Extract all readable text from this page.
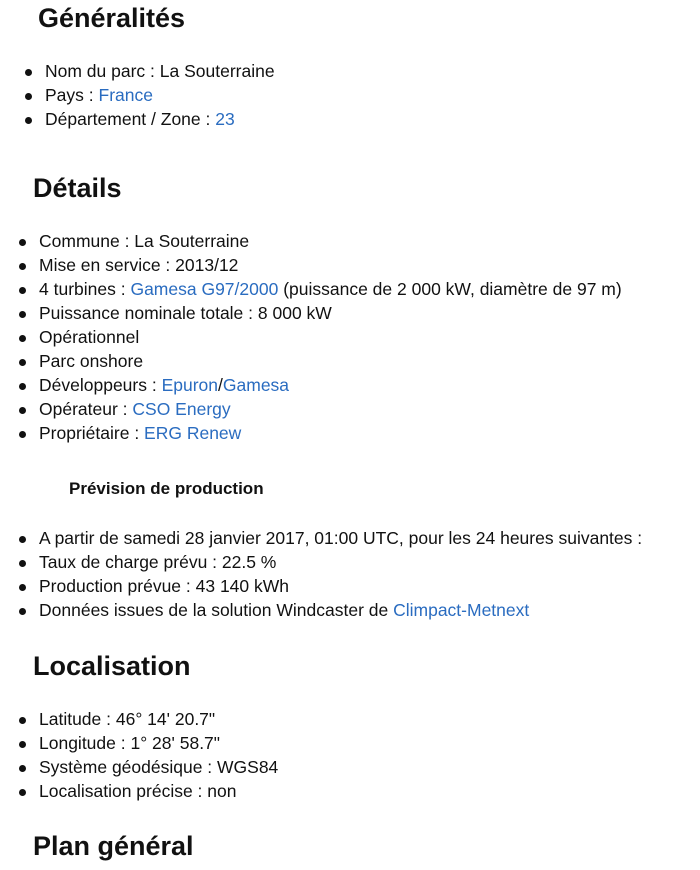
Généralités
Nom du parc : La Souterraine
Pays : France
Département / Zone : 23
Détails
Commune : La Souterraine
Mise en service : 2013/12
4 turbines : Gamesa G97/2000 (puissance de 2 000 kW, diamètre de 97 m)
Puissance nominale totale : 8 000 kW
Opérationnel
Parc onshore
Développeurs : Epuron/Gamesa
Opérateur : CSO Energy
Propriétaire : ERG Renew
Prévision de production
A partir de samedi 28 janvier 2017, 01:00 UTC, pour les 24 heures suivantes :
Taux de charge prévu : 22.5 %
Production prévue : 43 140 kWh
Données issues de la solution Windcaster de Climpact-Metnext
Localisation
Latitude : 46° 14' 20.7"
Longitude : 1° 28' 58.7"
Système géodésique : WGS84
Localisation précise : non
Plan général
